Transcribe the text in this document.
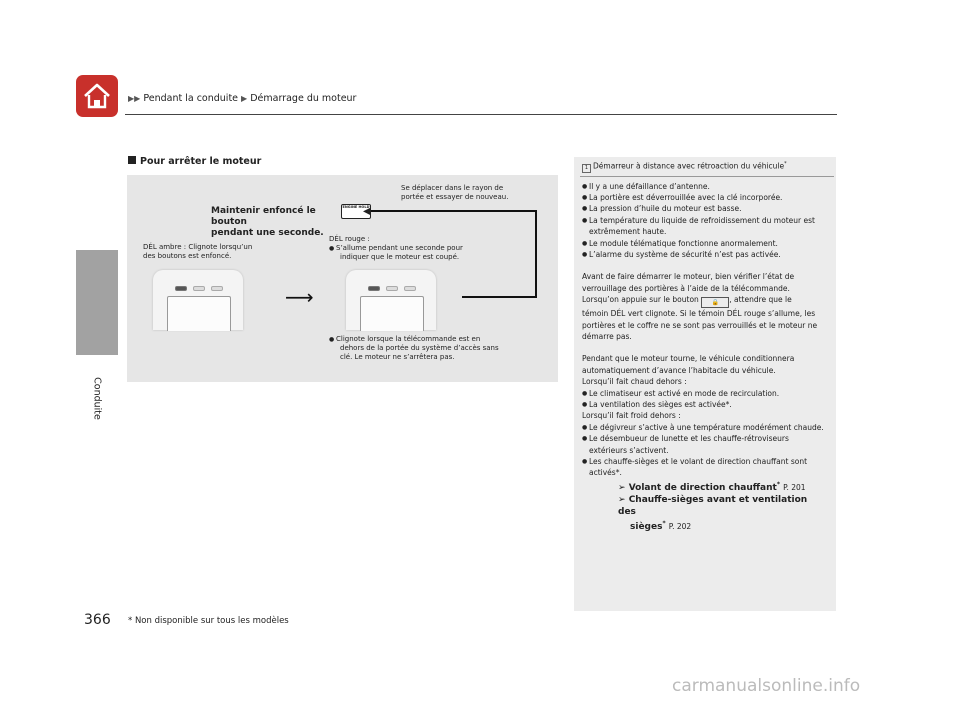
▶▶ Pendant la conduite ▶ Démarrage du moteur
Conduite
Pour arrêter le moteur
Se déplacer dans le rayon de
portée et essayer de nouveau.
Maintenir enfoncé le bouton
pendant une seconde.
ENGINE HOLD
◀
DÉL ambre : Clignote lorsqu’un
des boutons est enfoncé.
DÉL rouge :
● S’allume pendant une seconde pour
indiquer que le moteur est coupé.
⟶
● Clignote lorsque la télécommande est en
dehors de la portée du système d’accès sans
clé. Le moteur ne s’arrêtera pas.
1 Démarreur à distance avec rétroaction du véhicule*

● Il y a une défaillance d’antenne.

● La portière est déverrouillée avec la clé incorporée.

● La pression d’huile du moteur est basse.

● La température du liquide de refroidissement du moteur est extrêmement haute.

● Le module télématique fonctionne anormalement.

● L’alarme du système de sécurité n’est pas activée.

Avant de faire démarrer le moteur, bien vérifier l’état de

verrouillage des portières à l’aide de la télécommande.

Lorsqu’on appuie sur le bouton 🔒 , attendre que le

témoin DÉL vert clignote. Si le témoin DÉL rouge s’allume, les

portières et le coffre ne se sont pas verrouillés et le moteur ne

démarre pas.

Pendant que le moteur tourne, le véhicule conditionnera

automatiquement d’avance l’habitacle du véhicule.

Lorsqu’il fait chaud dehors :

● Le climatiseur est activé en mode de recirculation.

● La ventilation des sièges est activée*.

Lorsqu’il fait froid dehors :

● Le dégivreur s’active à une température modérément chaude.

● Le désembueur de lunette et les chauffe-rétroviseurs extérieurs s’activent.

● Les chauffe-sièges et le volant de direction chauffant sont activés*.

➢ Volant de direction chauffant* P. 201
➢ Chauffe-sièges avant et ventilation des
sièges* P. 202
366 * Non disponible sur tous les modèles
carmanualsonline.info
